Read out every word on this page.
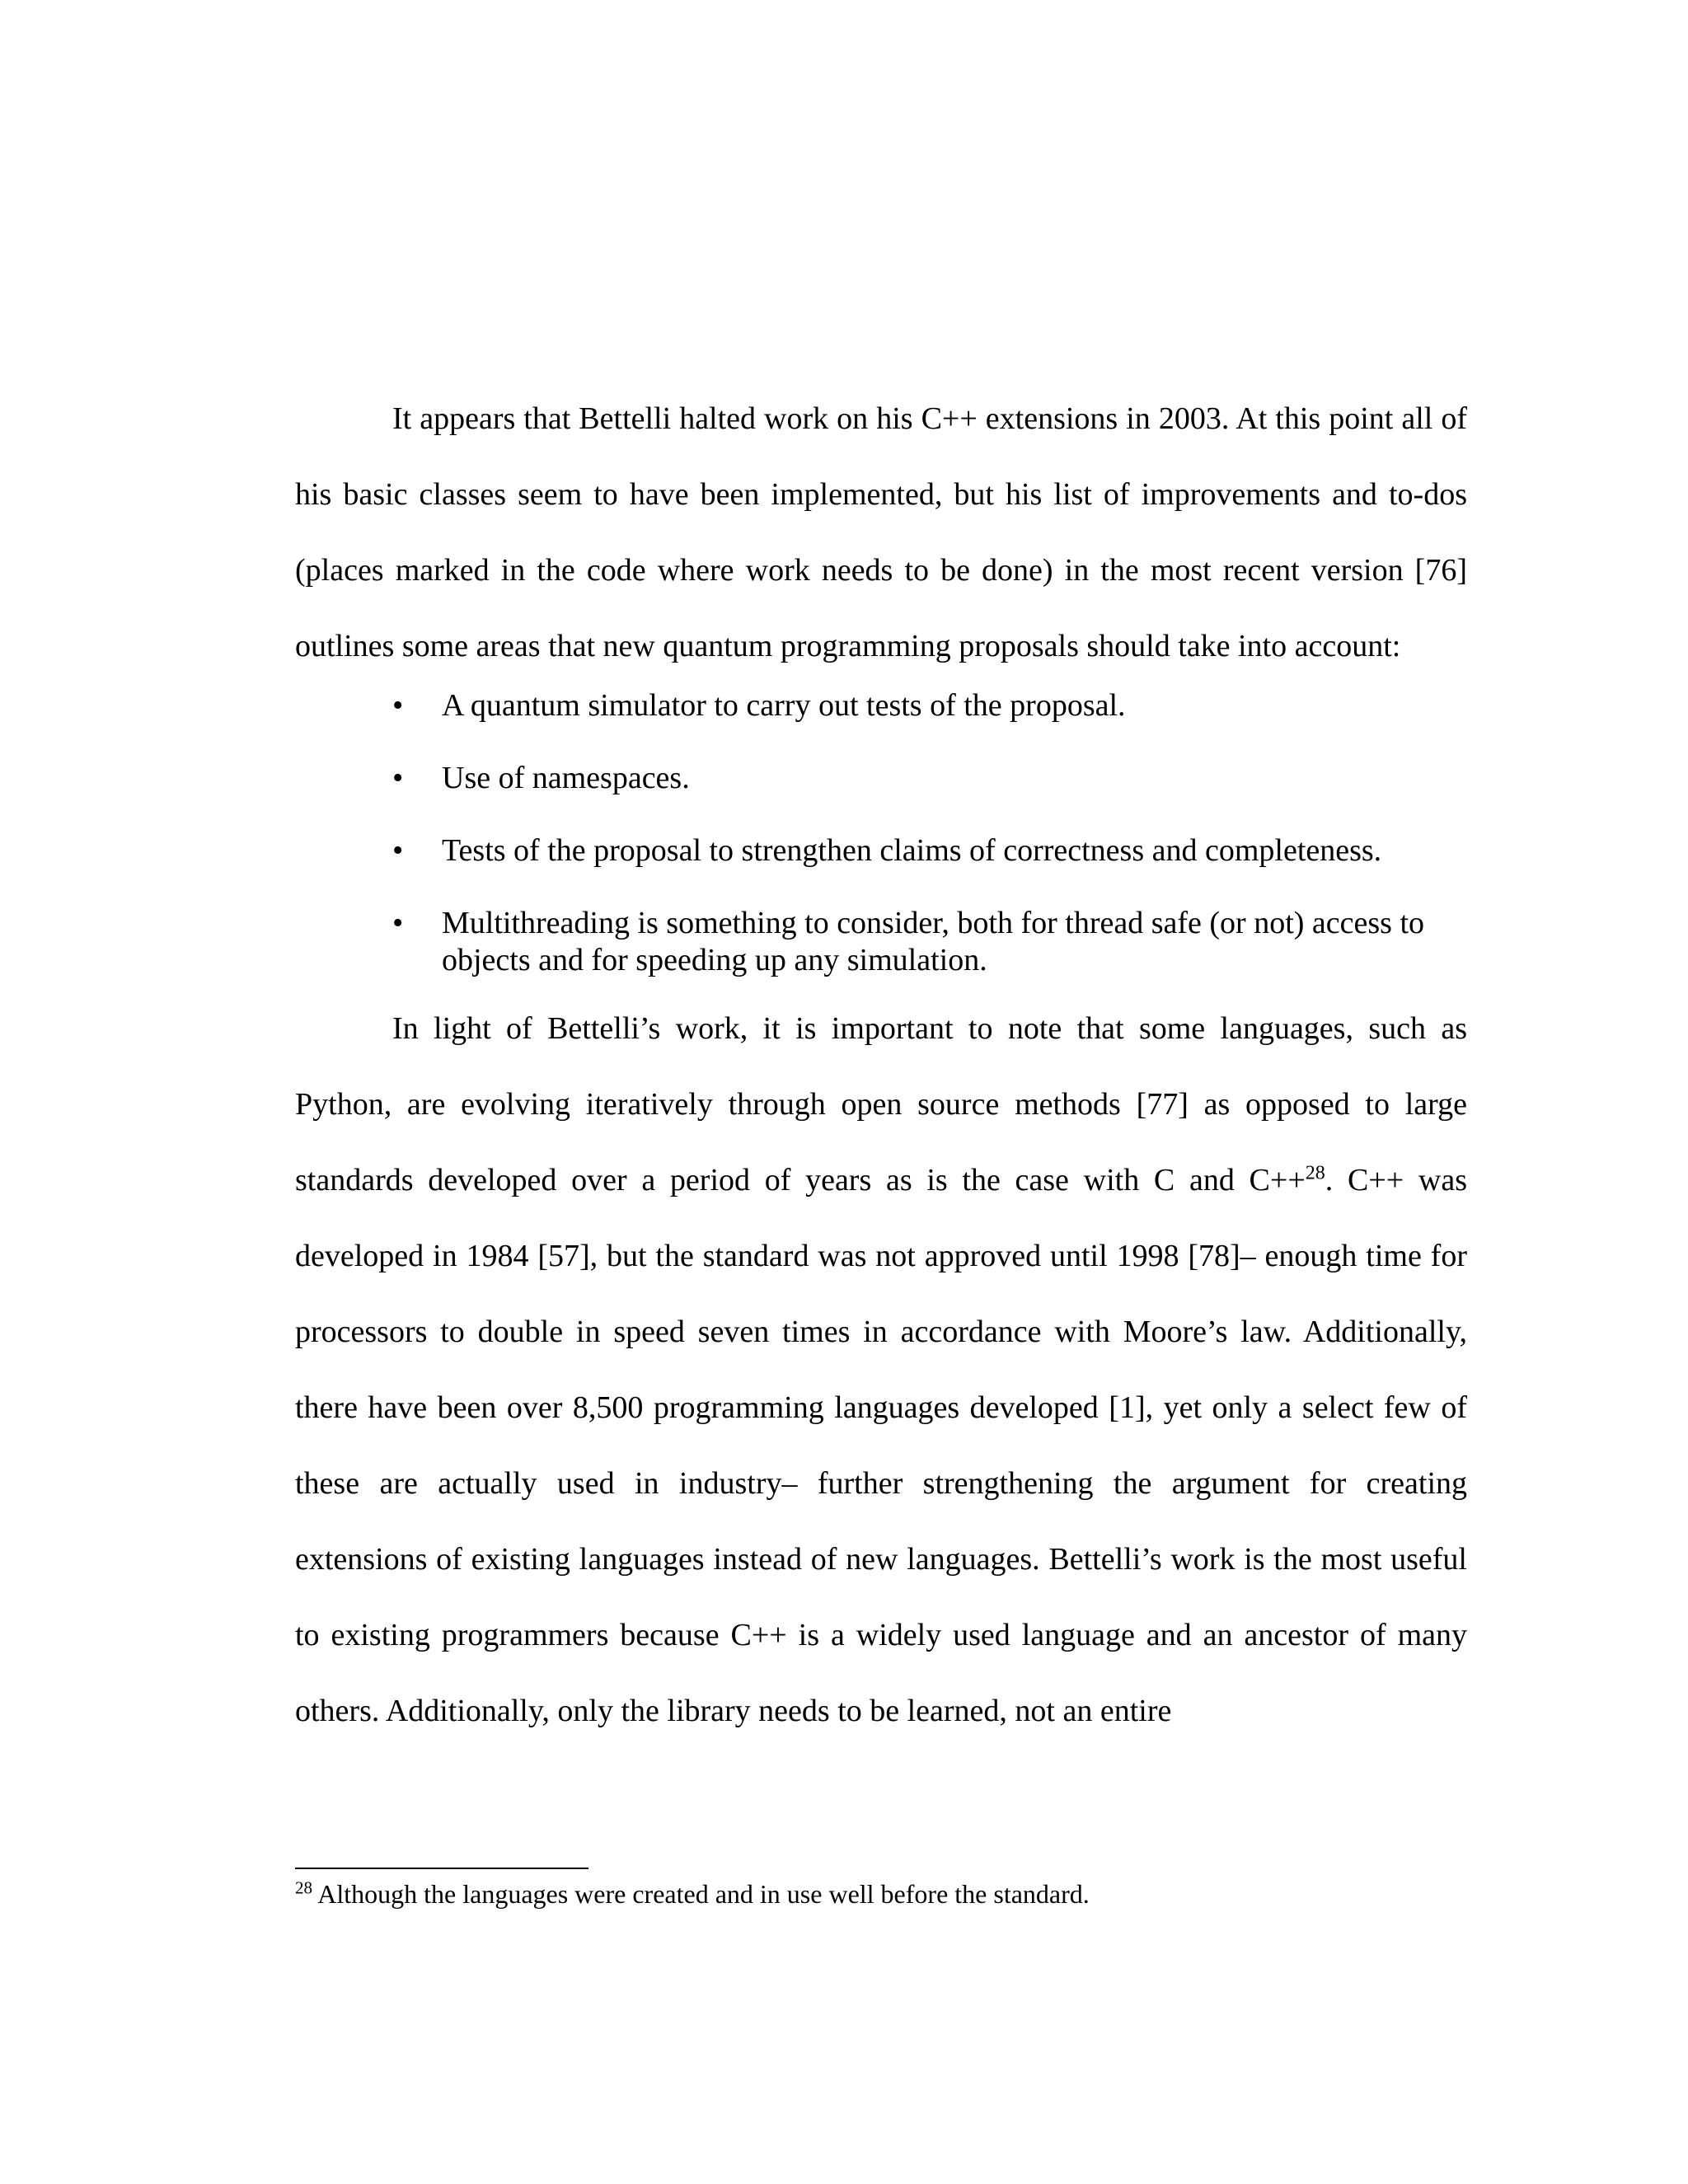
It appears that Bettelli halted work on his C++ extensions in 2003. At this point all of his basic classes seem to have been implemented, but his list of improvements and to-dos (places marked in the code where work needs to be done) in the most recent version [76] outlines some areas that new quantum programming proposals should take into account:

• A quantum simulator to carry out tests of the proposal.
• Use of namespaces.
• Tests of the proposal to strengthen claims of correctness and completeness.
• Multithreading is something to consider, both for thread safe (or not) access to objects and for speeding up any simulation.

In light of Bettelli’s work, it is important to note that some languages, such as Python, are evolving iteratively through open source methods [77] as opposed to large standards developed over a period of years as is the case with C and C++$^{28}$. C++ was developed in 1984 [57], but the standard was not approved until 1998 [78]– enough time for processors to double in speed seven times in accordance with Moore’s law. Additionally, there have been over 8,500 programming languages developed [1], yet only a select few of these are actually used in industry– further strengthening the argument for creating extensions of existing languages instead of new languages. Bettelli’s work is the most useful to existing programmers because C++ is a widely used language and an ancestor of many others. Additionally, only the library needs to be learned, not an entire

$^{28}$ Although the languages were created and in use well before the standard.
